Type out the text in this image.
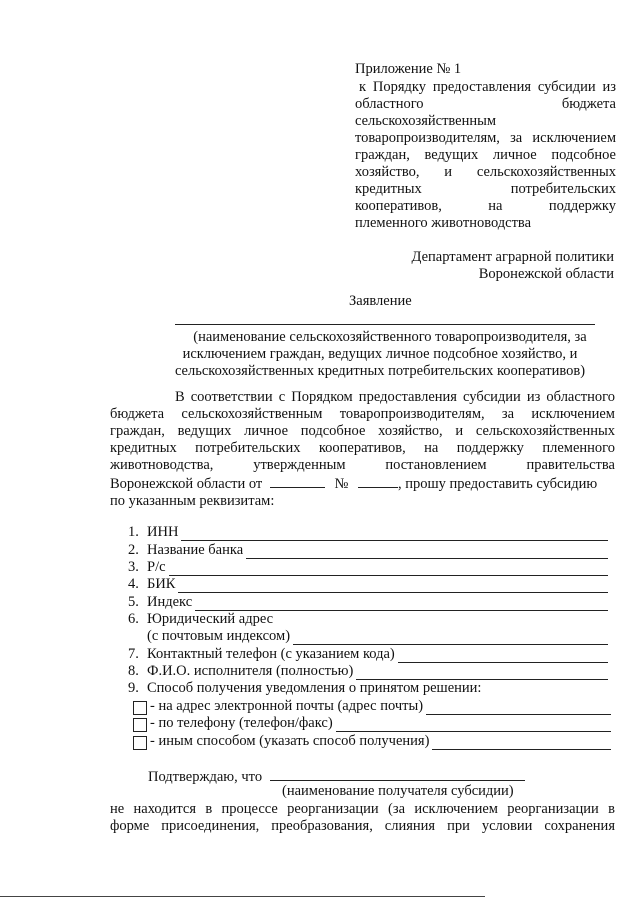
Приложение № 1
к Порядку предоставления субсидии из
областного бюджета
сельскохозяйственным
товаропроизводителям, за исключением
граждан, ведущих личное подсобное
хозяйство, и сельскохозяйственных
кредитных потребительских
кооперативов, на поддержку
племенного животноводства
Департамент аграрной политики
Воронежской области
Заявление
(наименование сельскохозяйственного товаропроизводителя, за
исключением граждан, ведущих личное подсобное хозяйство, и
сельскохозяйственных кредитных потребительских кооперативов)
В соответствии с Порядком предоставления субсидии из областного
бюджета сельскохозяйственным товаропроизводителям, за исключением
граждан, ведущих личное подсобное хозяйство, и сельскохозяйственных
кредитных потребительских кооперативов, на поддержку племенного
животноводства, утвержденным постановлением правительства
Воронежской области от	№	, прошу предоставить субсидию
по указанным реквизитам:
1. ИНН
2. Название банка
3. Р/с
4. БИК
5. Индекс
6. Юридический адрес
(с почтовым индексом)
7. Контактный телефон (с указанием кода)
8. Ф.И.О. исполнителя (полностью)
9. Способ получения уведомления о принятом решении:
- на адрес электронной почты (адрес почты)
- по телефону (телефон/факс)
- иным способом (указать способ получения)
Подтверждаю, что
(наименование получателя субсидии)
не находится в процессе реорганизации (за исключением реорганизации в
форме присоединения, преобразования, слияния при условии сохранения
